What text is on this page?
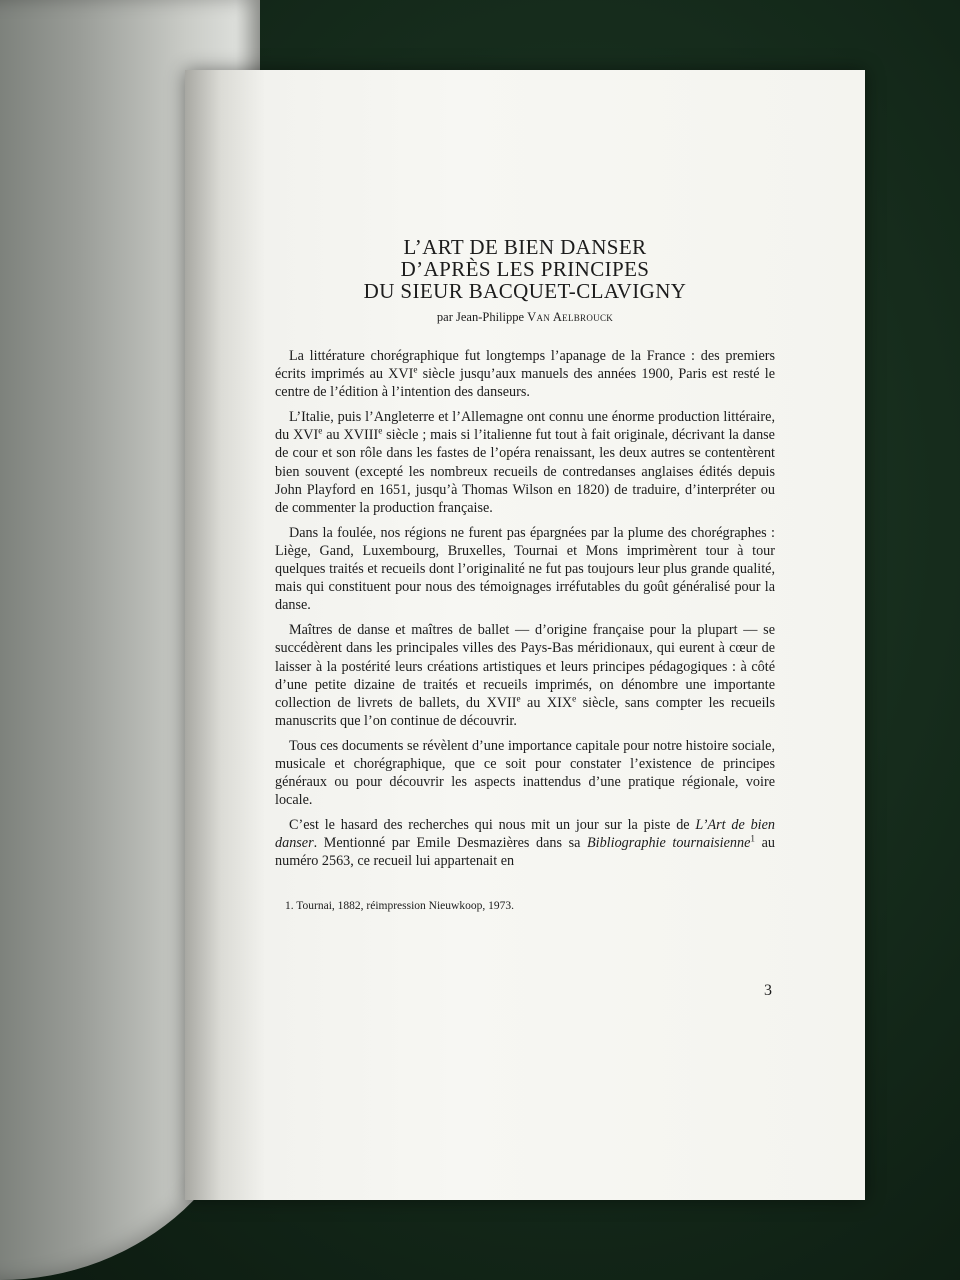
L’ART DE BIEN DANSER
D’APRÈS LES PRINCIPES
DU SIEUR BACQUET-CLAVIGNY

par Jean-Philippe Van Aelbrouck

La littérature chorégraphique fut longtemps l’apanage de la France : des premiers écrits imprimés au XVIe siècle jusqu’aux manuels des années 1900, Paris est resté le centre de l’édition à l’intention des danseurs.

L’Italie, puis l’Angleterre et l’Allemagne ont connu une énorme production littéraire, du XVIe au XVIIIe siècle ; mais si l’italienne fut tout à fait originale, décrivant la danse de cour et son rôle dans les fastes de l’opéra renaissant, les deux autres se contentèrent bien souvent (excepté les nombreux recueils de contredanses anglaises édités depuis John Playford en 1651, jusqu’à Thomas Wilson en 1820) de traduire, d’interpréter ou de commenter la production française.

Dans la foulée, nos régions ne furent pas épargnées par la plume des chorégraphes : Liège, Gand, Luxembourg, Bruxelles, Tournai et Mons imprimèrent tour à tour quelques traités et recueils dont l’originalité ne fut pas toujours leur plus grande qualité, mais qui constituent pour nous des témoignages irréfutables du goût généralisé pour la danse.

Maîtres de danse et maîtres de ballet — d’origine française pour la plupart — se succédèrent dans les principales villes des Pays-Bas méridionaux, qui eurent à cœur de laisser à la postérité leurs créations artistiques et leurs principes pédagogiques : à côté d’une petite dizaine de traités et recueils imprimés, on dénombre une importante collection de livrets de ballets, du XVIIe au XIXe siècle, sans compter les recueils manuscrits que l’on continue de découvrir.

Tous ces documents se révèlent d’une importance capitale pour notre histoire sociale, musicale et chorégraphique, que ce soit pour constater l’existence de principes généraux ou pour découvrir les aspects inattendus d’une pratique régionale, voire locale.

C’est le hasard des recherches qui nous mit un jour sur la piste de L’Art de bien danser. Mentionné par Emile Desmazières dans sa Bibliographie tournaisienne$^1$ au numéro 2563, ce recueil lui appartenait en

1. Tournai, 1882, réimpression Nieuwkoop, 1973.

3
